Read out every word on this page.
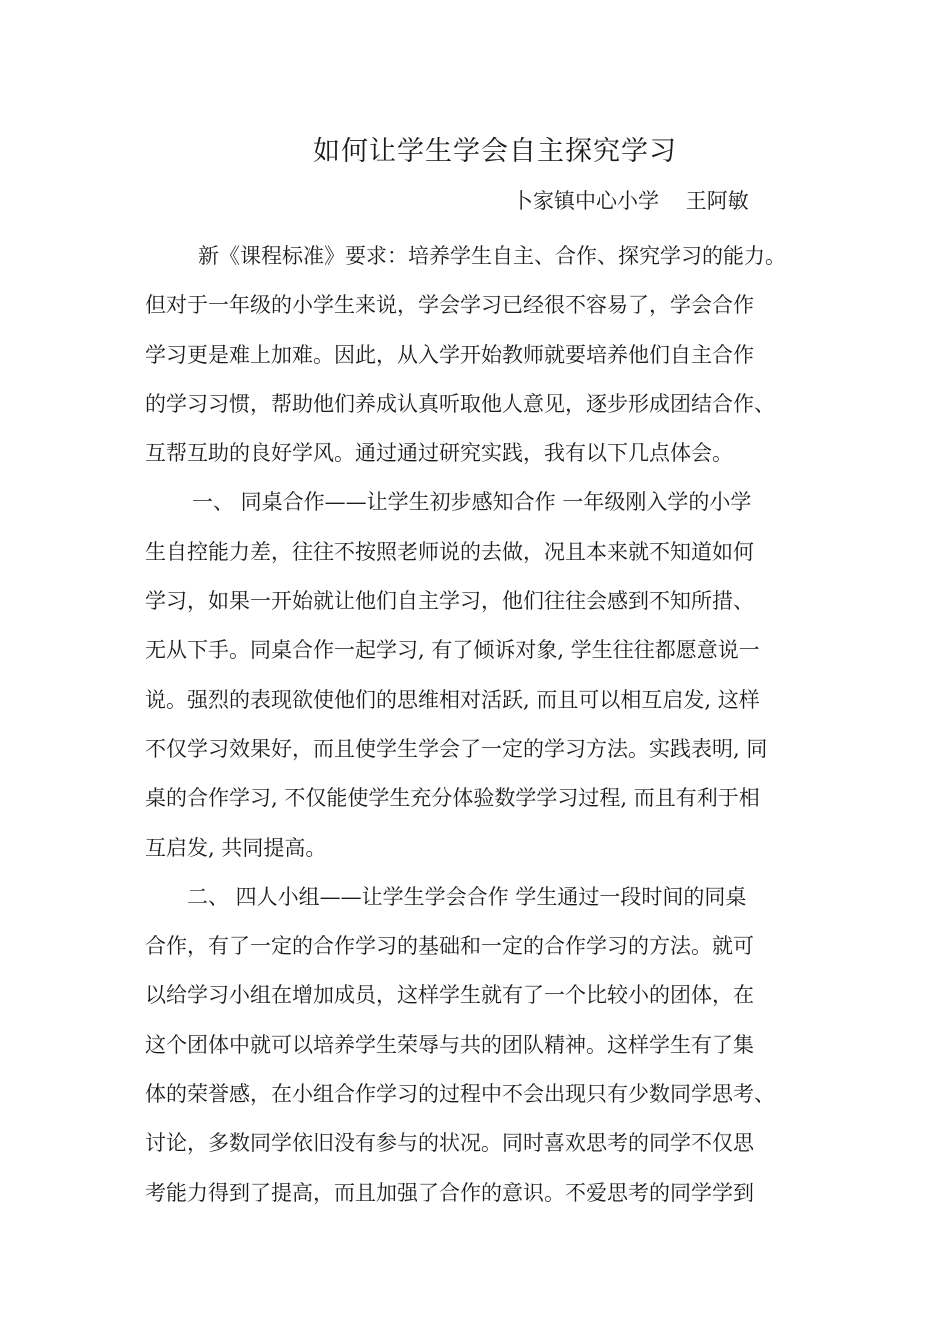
如何让学生学会自主探究学习
卜家镇中心小学    王阿敏
新《课程标准》要求：培养学生自主、合作、探究学习的能力。
但对于一年级的小学生来说，学会学习已经很不容易了，学会合作
学习更是难上加难。因此，从入学开始教师就要培养他们自主合作
的学习习惯，帮助他们养成认真听取他人意见，逐步形成团结合作、
互帮互助的良好学风。通过通过研究实践，我有以下几点体会。
一、 同桌合作——让学生初步感知合作 一年级刚入学的小学
生自控能力差，往往不按照老师说的去做，况且本来就不知道如何
学习，如果一开始就让他们自主学习，他们往往会感到不知所措、
无从下手。同桌合作一起学习, 有了倾诉对象, 学生往往都愿意说一
说。强烈的表现欲使他们的思维相对活跃, 而且可以相互启发, 这样
不仅学习效果好，而且使学生学会了一定的学习方法。实践表明, 同
桌的合作学习, 不仅能使学生充分体验数学学习过程, 而且有利于相
互启发, 共同提高。
二、 四人小组——让学生学会合作 学生通过一段时间的同桌
合作，有了一定的合作学习的基础和一定的合作学习的方法。就可
以给学习小组在增加成员，这样学生就有了一个比较小的团体，在
这个团体中就可以培养学生荣辱与共的团队精神。这样学生有了集
体的荣誉感，在小组合作学习的过程中不会出现只有少数同学思考、
讨论，多数同学依旧没有参与的状况。同时喜欢思考的同学不仅思
考能力得到了提高，而且加强了合作的意识。不爱思考的同学学到
